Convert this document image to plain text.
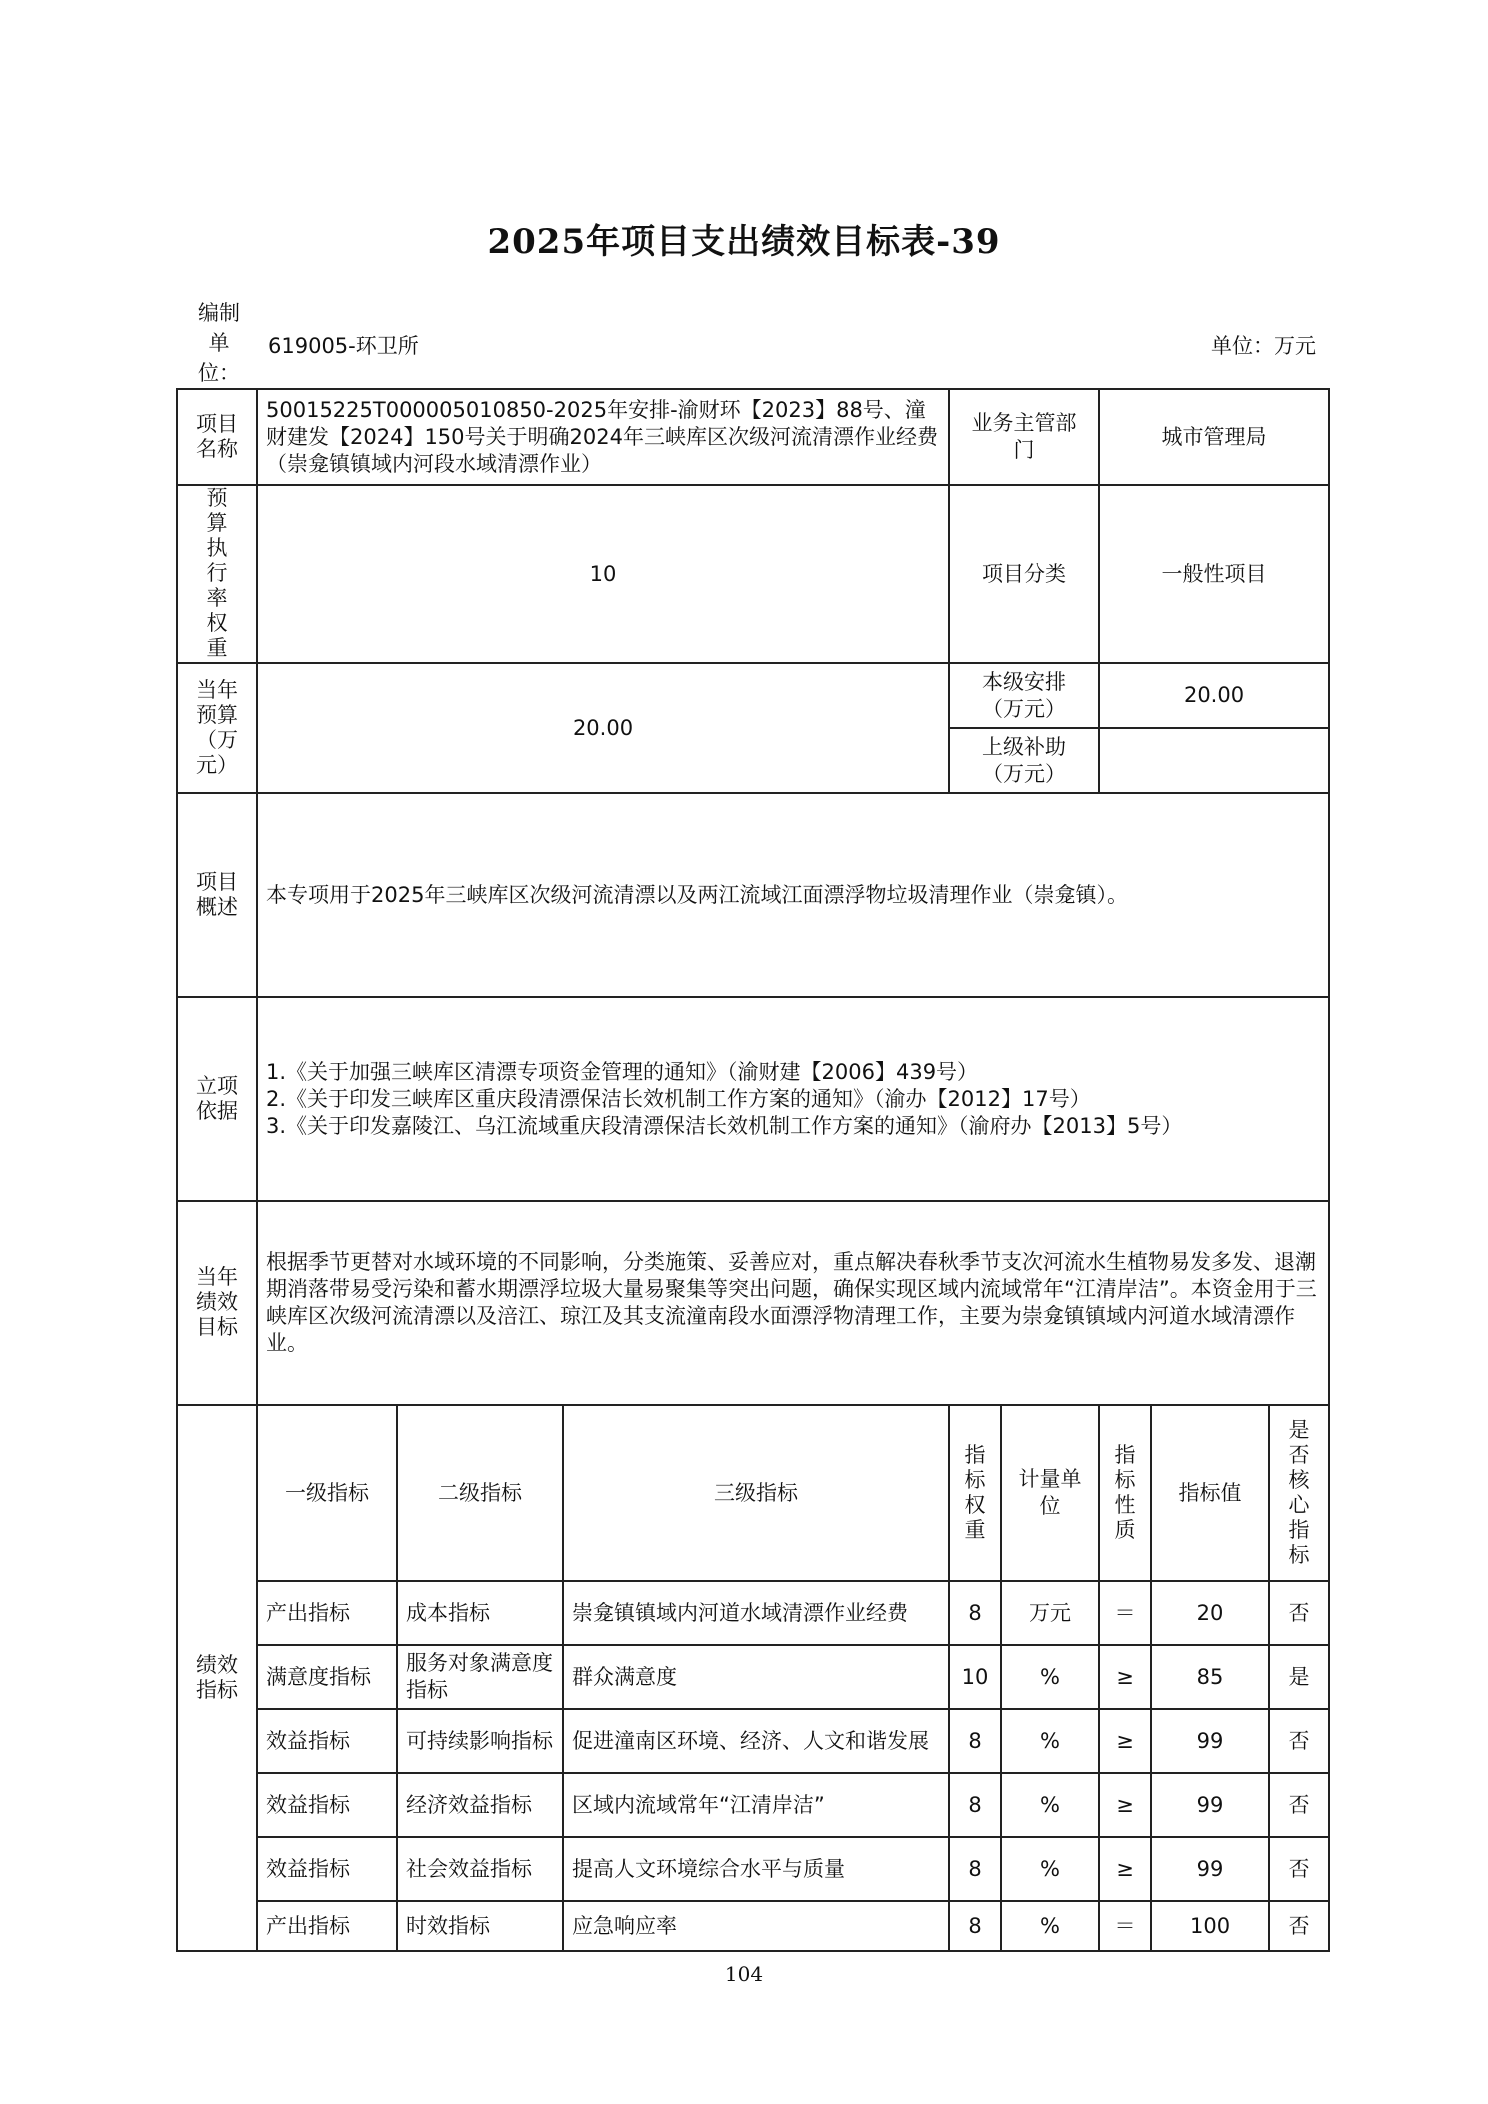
2025年项目支出绩效目标表-39
编制
单
位：
619005-环卫所	单位：万元
项目名称	50015225T000005010850-2025年安排-渝财环【2023】88号、潼财建发【2024】150号关于明确2024年三峡库区次级河流清漂作业经费（崇龛镇镇域内河段水域清漂作业）			业务主管部门		城市管理局		
预算执行率权重	10			项目分类		一般性项目		
当年预算（万元）	20.00			本级安排（万元）		20.00		
				上级补助（万元）				
项目概述	本专项用于2025年三峡库区次级河流清漂以及两江流域江面漂浮物垃圾清理作业（崇龛镇）。							
立项依据	1.《关于加强三峡库区清漂专项资金管理的通知》（渝财建【2006】439号）
2.《关于印发三峡库区重庆段清漂保洁长效机制工作方案的通知》（渝办【2012】17号）
3.《关于印发嘉陵江、乌江流域重庆段清漂保洁长效机制工作方案的通知》（渝府办【2013】5号）							

当年绩效目标	根据季节更替对水域环境的不同影响，分类施策、妥善应对，重点解决春秋季节支次河流水生植物易发多发、退潮期消落带易受污染和蓄水期漂浮垃圾大量易聚集等突出问题，确保实现区域内流域常年“江清岸洁”。本资金用于三峡库区次级河流清漂以及涪江、琼江及其支流潼南段水面漂浮物清理工作，主要为崇龛镇镇域内河道水域清漂作业。							
绩效指标	一级指标	二级指标	三级指标	指标权重	计量单位	指标性质	指标值	是否核心指标
	产出指标	成本指标	崇龛镇镇域内河道水域清漂作业经费	8	万元	＝	20	否
	满意度指标	服务对象满意度指标	群众满意度	10	%	≥	85	是
	效益指标	可持续影响指标	促进潼南区环境、经济、人文和谐发展	8	%	≥	99	否
	效益指标	经济效益指标	区域内流域常年“江清岸洁”	8	%	≥	99	否
	效益指标	社会效益指标	提高人文环境综合水平与质量	8	%	≥	99	否
	产出指标	时效指标	应急响应率	8	%	＝	100	否
104
